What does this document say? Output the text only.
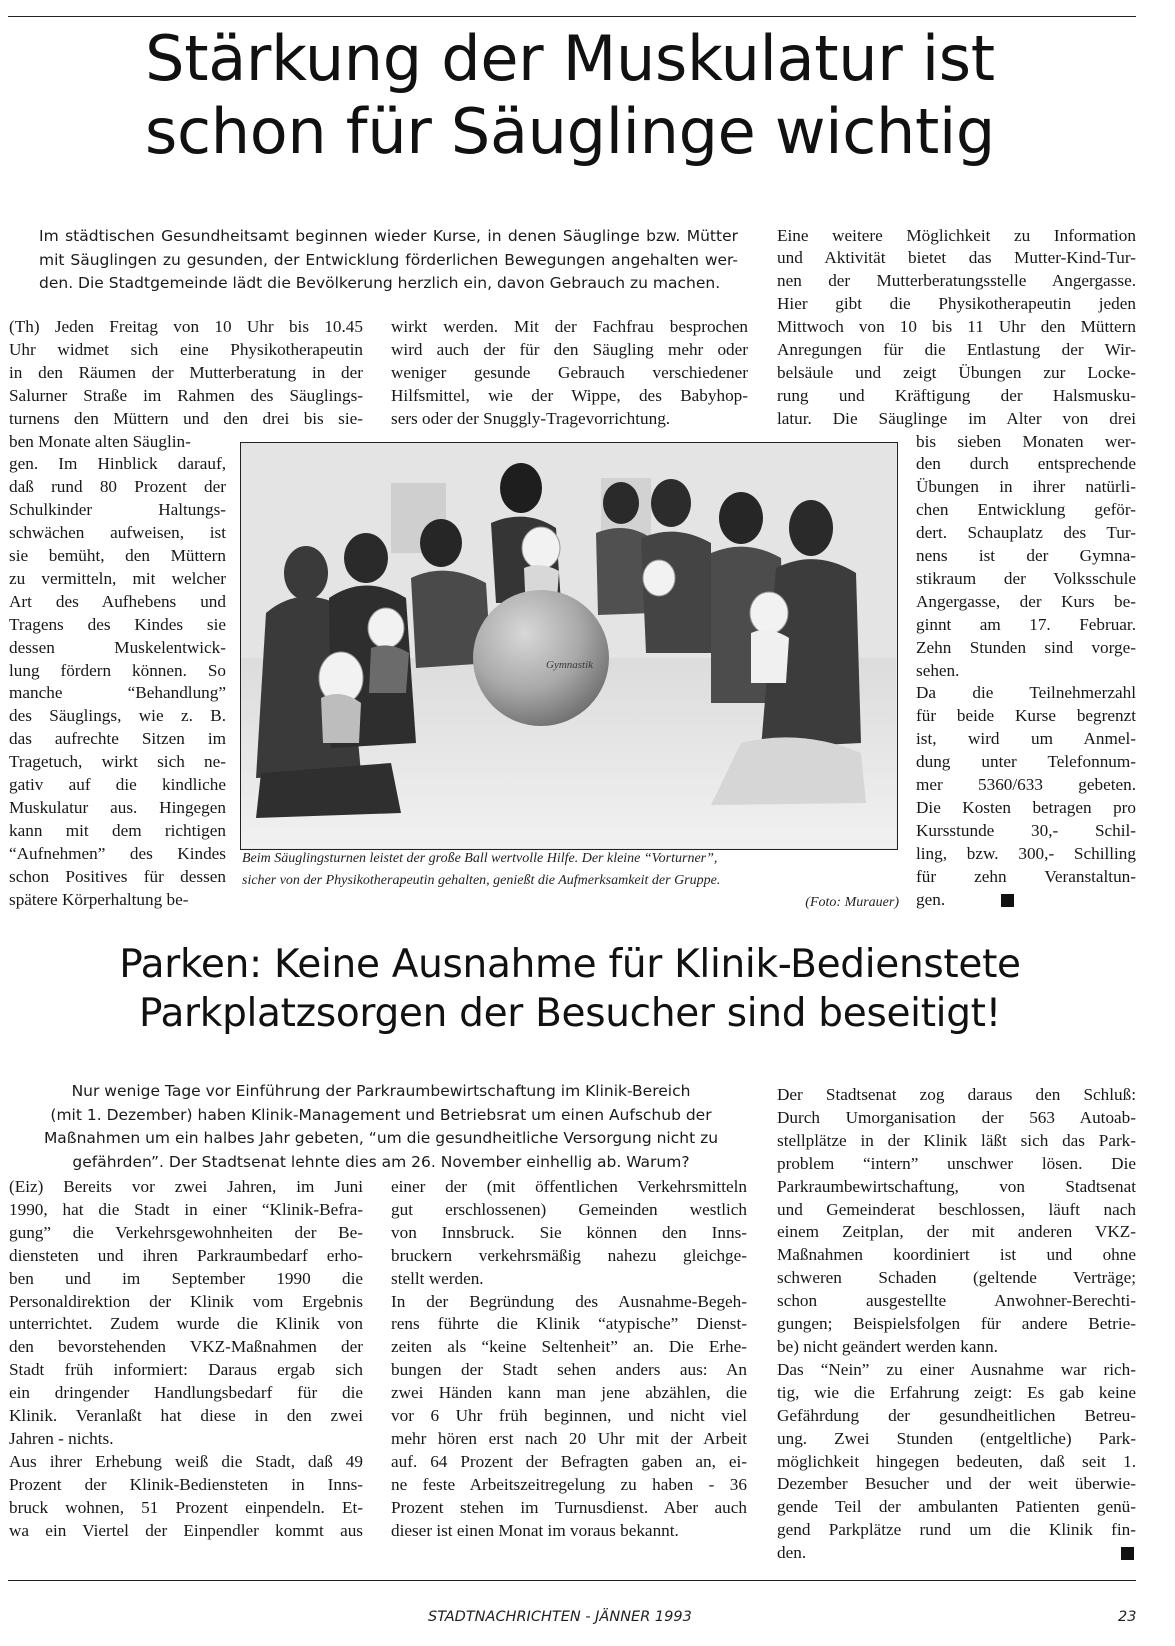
Stärkung der Muskulatur ist
schon für Säuglinge wichtig
Im städtischen Gesundheitsamt beginnen wieder Kurse, in denen Säuglinge bzw. Mütter
mit Säuglingen zu gesunden, der Entwicklung förderlichen Bewegungen angehalten wer-
den. Die Stadtgemeinde lädt die Bevölkerung herzlich ein, davon Gebrauch zu machen.
(Th) Jeden Freitag von 10 Uhr bis 10.45
Uhr widmet sich eine Physikotherapeutin
in den Räumen der Mutterberatung in der
Salurner Straße im Rahmen des Säuglings-
turnens den Müttern und den drei bis sie-
ben Monate alten Säuglin-
gen. Im Hinblick darauf,
daß rund 80 Prozent der
Schulkinder Haltungs-
schwächen aufweisen, ist
sie bemüht, den Müttern
zu vermitteln, mit welcher
Art des Aufhebens und
Tragens des Kindes sie
dessen Muskelentwick-
lung fördern können. So
manche “Behandlung”
des Säuglings, wie z. B.
das aufrechte Sitzen im
Tragetuch, wirkt sich ne-
gativ auf die kindliche
Muskulatur aus. Hingegen
kann mit dem richtigen
“Aufnehmen” des Kindes
schon Positives für dessen
spätere Körperhaltung be-
wirkt werden. Mit der Fachfrau besprochen
wird auch der für den Säugling mehr oder
weniger gesunde Gebrauch verschiedener
Hilfsmittel, wie der Wippe, des Babyhop-
sers oder der Snuggly-Tragevorrichtung.
Eine weitere Möglichkeit zu Information
und Aktivität bietet das Mutter-Kind-Tur-
nen der Mutterberatungsstelle Angergasse.
Hier gibt die Physikotherapeutin jeden
Mittwoch von 10 bis 11 Uhr den Müttern
Anregungen für die Entlastung der Wir-
belsäule und zeigt Übungen zur Locke-
rung und Kräftigung der Halsmusku-
latur. Die Säuglinge im Alter von drei
bis sieben Monaten wer-
den durch entsprechende
Übungen in ihrer natürli-
chen Entwicklung geför-
dert. Schauplatz des Tur-
nens ist der Gymna-
stikraum der Volksschule
Angergasse, der Kurs be-
ginnt am 17. Februar.
Zehn Stunden sind vorge-
sehen.
Da die Teilnehmerzahl
für beide Kurse begrenzt
ist, wird um Anmel-
dung unter Telefonnum-
mer 5360/633 gebeten.
Die Kosten betragen pro
Kursstunde 30,- Schil-
ling, bzw. 300,- Schilling
für zehn Veranstaltun-
gen.
Gymnastik
Beim Säuglingsturnen leistet der große Ball wertvolle Hilfe. Der kleine “Vorturner”,
sicher von der Physikotherapeutin gehalten, genießt die Aufmerksamkeit der Gruppe.
(Foto: Murauer)
Parken: Keine Ausnahme für Klinik-Bedienstete
Parkplatzsorgen der Besucher sind beseitigt!
Nur wenige Tage vor Einführung der Parkraumbewirtschaftung im Klinik-Bereich
(mit 1. Dezember) haben Klinik-Management und Betriebsrat um einen Aufschub der
Maßnahmen um ein halbes Jahr gebeten, “um die gesundheitliche Versorgung nicht zu
gefährden”. Der Stadtsenat lehnte dies am 26. November einhellig ab. Warum?
(Eiz) Bereits vor zwei Jahren, im Juni
1990, hat die Stadt in einer “Klinik-Befra-
gung” die Verkehrsgewohnheiten der Be-
diensteten und ihren Parkraumbedarf erho-
ben und im September 1990 die
Personaldirektion der Klinik vom Ergebnis
unterrichtet. Zudem wurde die Klinik von
den bevorstehenden VKZ-Maßnahmen der
Stadt früh informiert: Daraus ergab sich
ein dringender Handlungsbedarf für die
Klinik. Veranlaßt hat diese in den zwei
Jahren - nichts.
Aus ihrer Erhebung weiß die Stadt, daß 49
Prozent der Klinik-Bediensteten in Inns-
bruck wohnen, 51 Prozent einpendeln. Et-
wa ein Viertel der Einpendler kommt aus
einer der (mit öffentlichen Verkehrsmitteln
gut erschlossenen) Gemeinden westlich
von Innsbruck. Sie können den Inns-
bruckern verkehrsmäßig nahezu gleichge-
stellt werden.
In der Begründung des Ausnahme-Begeh-
rens führte die Klinik “atypische” Dienst-
zeiten als “keine Seltenheit” an. Die Erhe-
bungen der Stadt sehen anders aus: An
zwei Händen kann man jene abzählen, die
vor 6 Uhr früh beginnen, und nicht viel
mehr hören erst nach 20 Uhr mit der Arbeit
auf. 64 Prozent der Befragten gaben an, ei-
ne feste Arbeitszeitregelung zu haben - 36
Prozent stehen im Turnusdienst. Aber auch
dieser ist einen Monat im voraus bekannt.
Der Stadtsenat zog daraus den Schluß:
Durch Umorganisation der 563 Autoab-
stellplätze in der Klinik läßt sich das Park-
problem “intern” unschwer lösen. Die
Parkraumbewirtschaftung, von Stadtsenat
und Gemeinderat beschlossen, läuft nach
einem Zeitplan, der mit anderen VKZ-
Maßnahmen koordiniert ist und ohne
schweren Schaden (geltende Verträge;
schon ausgestellte Anwohner-Berechti-
gungen; Beispielsfolgen für andere Betrie-
be) nicht geändert werden kann.
Das “Nein” zu einer Ausnahme war rich-
tig, wie die Erfahrung zeigt: Es gab keine
Gefährdung der gesundheitlichen Betreu-
ung. Zwei Stunden (entgeltliche) Park-
möglichkeit hingegen bedeuten, daß seit 1.
Dezember Besucher und der weit überwie-
gende Teil der ambulanten Patienten genü-
gend Parkplätze rund um die Klinik fin-
den.
STADTNACHRICHTEN - JÄNNER 1993	23
